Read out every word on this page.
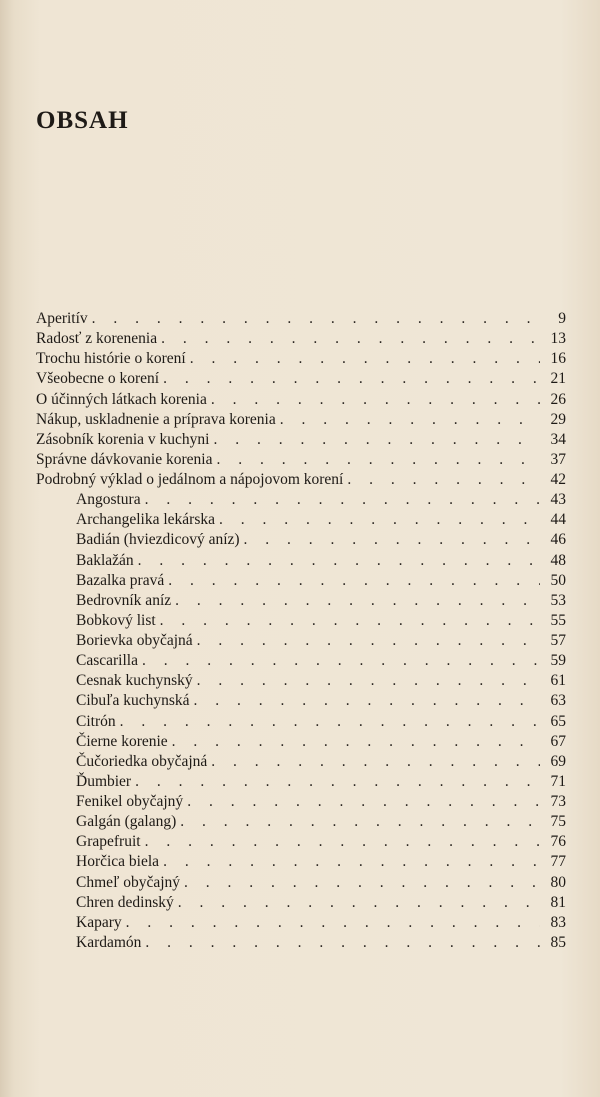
OBSAH
Aperitív . . .	9
Radosť z korenenia . . .	13
Trochu histórie o korení . . .	16
Všeobecne o korení . . .	21
O účinných látkach korenia . . .	26
Nákup, uskladnenie a príprava korenia . . .	29
Zásobník korenia v kuchyni . . .	34
Správne dávkovanie korenia . . .	37
Podrobný výklad o jedálnom a nápojovom korení . . .	42
Angostura . . .	43
Archangelika lekárska . . .	44
Badián (hviezdicový aníz) . . .	46
Baklažán . . .	48
Bazalka pravá . . .	50
Bedrovník aníz . . .	53
Bobkový list . . .	55
Borievka obyčajná . . .	57
Cascarilla . . .	59
Cesnak kuchynský . . .	61
Cibuľa kuchynská . . .	63
Citrón . . .	65
Čierne korenie . . .	67
Čučoriedka obyčajná . . .	69
Ďumbier . . .	71
Fenikel obyčajný . . .	73
Galgán (galang) . . .	75
Grapefruit . . .	76
Horčica biela . . .	77
Chmeľ obyčajný . . .	80
Chren dedinský . . .	81
Kapary . . .	83
Kardamón . . .	85
